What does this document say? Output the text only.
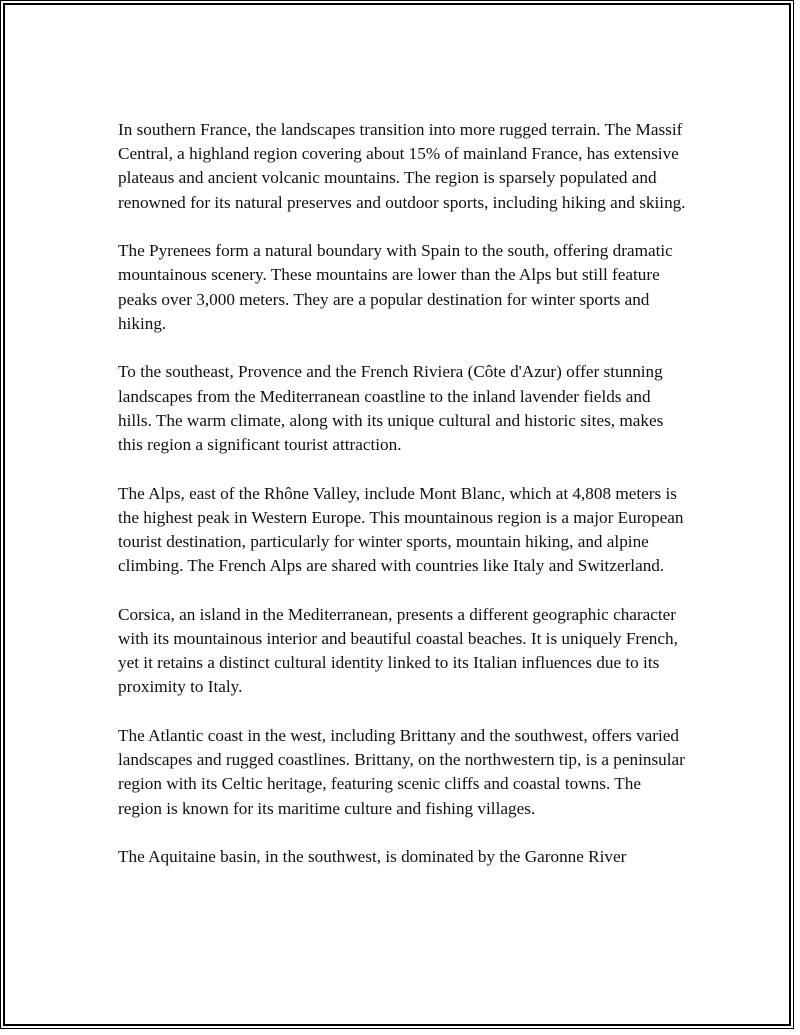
In southern France, the landscapes transition into more rugged terrain. The Massif Central, a highland region covering about 15% of mainland France, has extensive plateaus and ancient volcanic mountains. The region is sparsely populated and renowned for its natural preserves and outdoor sports, including hiking and skiing.

The Pyrenees form a natural boundary with Spain to the south, offering dramatic mountainous scenery. These mountains are lower than the Alps but still feature peaks over 3,000 meters. They are a popular destination for winter sports and hiking.

To the southeast, Provence and the French Riviera (Côte d'Azur) offer stunning landscapes from the Mediterranean coastline to the inland lavender fields and hills. The warm climate, along with its unique cultural and historic sites, makes this region a significant tourist attraction.

The Alps, east of the Rhône Valley, include Mont Blanc, which at 4,808 meters is the highest peak in Western Europe. This mountainous region is a major European tourist destination, particularly for winter sports, mountain hiking, and alpine climbing. The French Alps are shared with countries like Italy and Switzerland.

Corsica, an island in the Mediterranean, presents a different geographic character with its mountainous interior and beautiful coastal beaches. It is uniquely French, yet it retains a distinct cultural identity linked to its Italian influences due to its proximity to Italy.

The Atlantic coast in the west, including Brittany and the southwest, offers varied landscapes and rugged coastlines. Brittany, on the northwestern tip, is a peninsular region with its Celtic heritage, featuring scenic cliffs and coastal towns. The region is known for its maritime culture and fishing villages.

The Aquitaine basin, in the southwest, is dominated by the Garonne River
